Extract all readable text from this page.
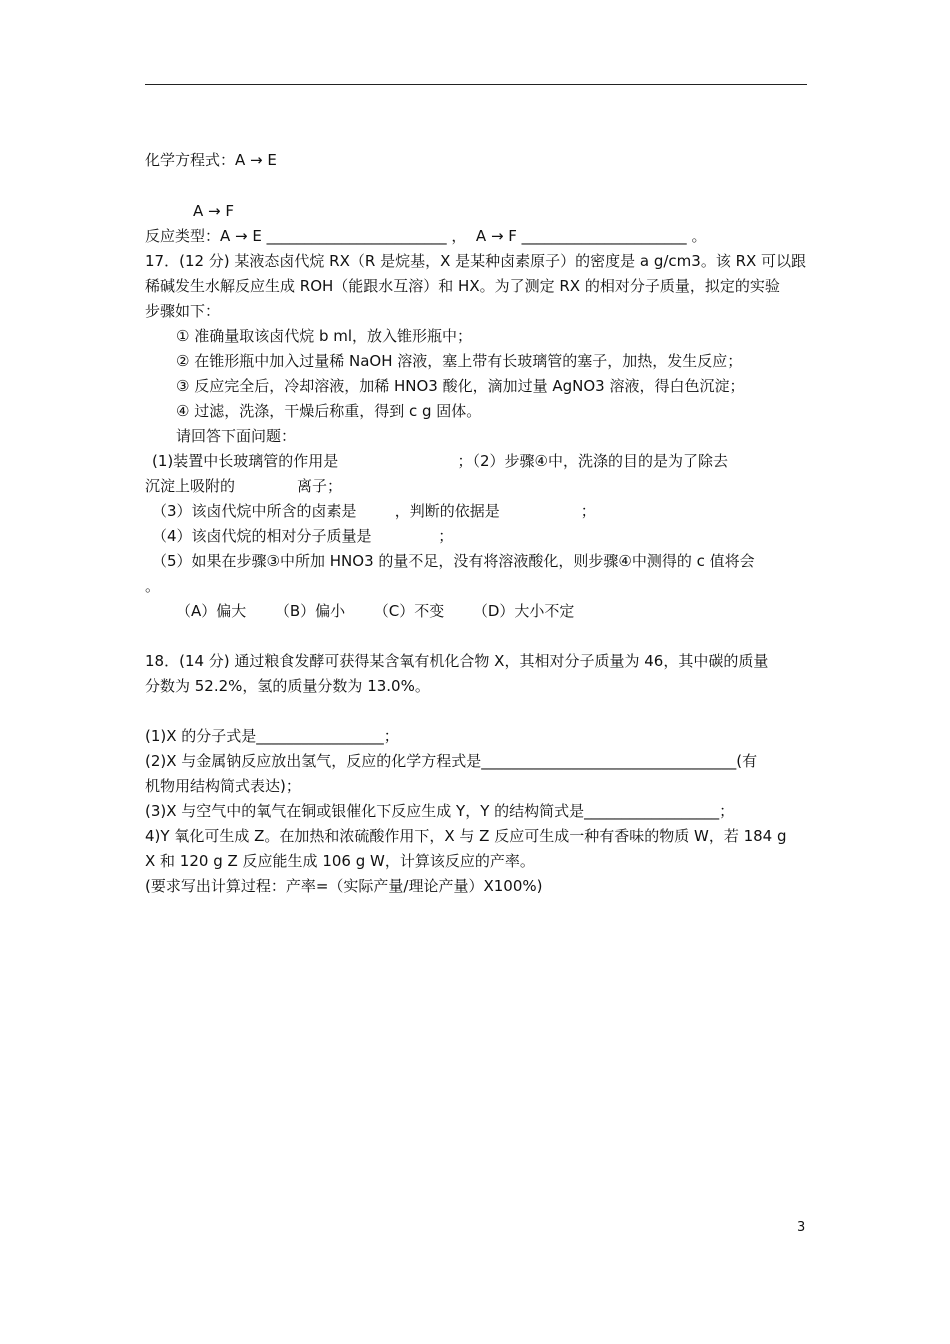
化学方程式：A → E
A → F
反应类型：A → E ________________________ ，  A → F ______________________ 。
17．(12 分) 某液态卤代烷 RX（R 是烷基，X 是某种卤素原子）的密度是 a g/cm3。该 RX 可以跟
稀碱发生水解反应生成 ROH（能跟水互溶）和 HX。为了测定 RX 的相对分子质量，拟定的实验
步骤如下：
① 准确量取该卤代烷 b ml，放入锥形瓶中；
② 在锥形瓶中加入过量稀 NaOH 溶液，塞上带有长玻璃管的塞子，加热，发生反应；
③ 反应完全后，冷却溶液，加稀 HNO3 酸化，滴加过量 AgNO3 溶液，得白色沉淀；
④ 过滤，洗涤，干燥后称重，得到 c g 固体。
请回答下面问题：
(1)装置中长玻璃管的作用是                         ；（2）步骤④中，洗涤的目的是为了除去
沉淀上吸附的             离子；
（3）该卤代烷中所含的卤素是        ，判断的依据是                 ；
（4）该卤代烷的相对分子质量是              ；
（5）如果在步骤③中所加 HNO3 的量不足，没有将溶液酸化，则步骤④中测得的 c 值将会
。
（A）偏大      （B）偏小      （C）不变      （D）大小不定
18．(14 分) 通过粮食发酵可获得某含氧有机化合物 X，其相对分子质量为 46，其中碳的质量
分数为 52.2%，氢的质量分数为 13.0%。
(1)X 的分子式是_________________；
(2)X 与金属钠反应放出氢气，反应的化学方程式是__________________________________(有
机物用结构简式表达)；
(3)X 与空气中的氧气在铜或银催化下反应生成 Y，Y 的结构简式是__________________；
4)Y 氧化可生成 Z。在加热和浓硫酸作用下，X 与 Z 反应可生成一种有香味的物质 W，若 184 g
X 和 120 g Z 反应能生成 106 g W，计算该反应的产率。
(要求写出计算过程：产率=（实际产量/理论产量）X100%)
3
